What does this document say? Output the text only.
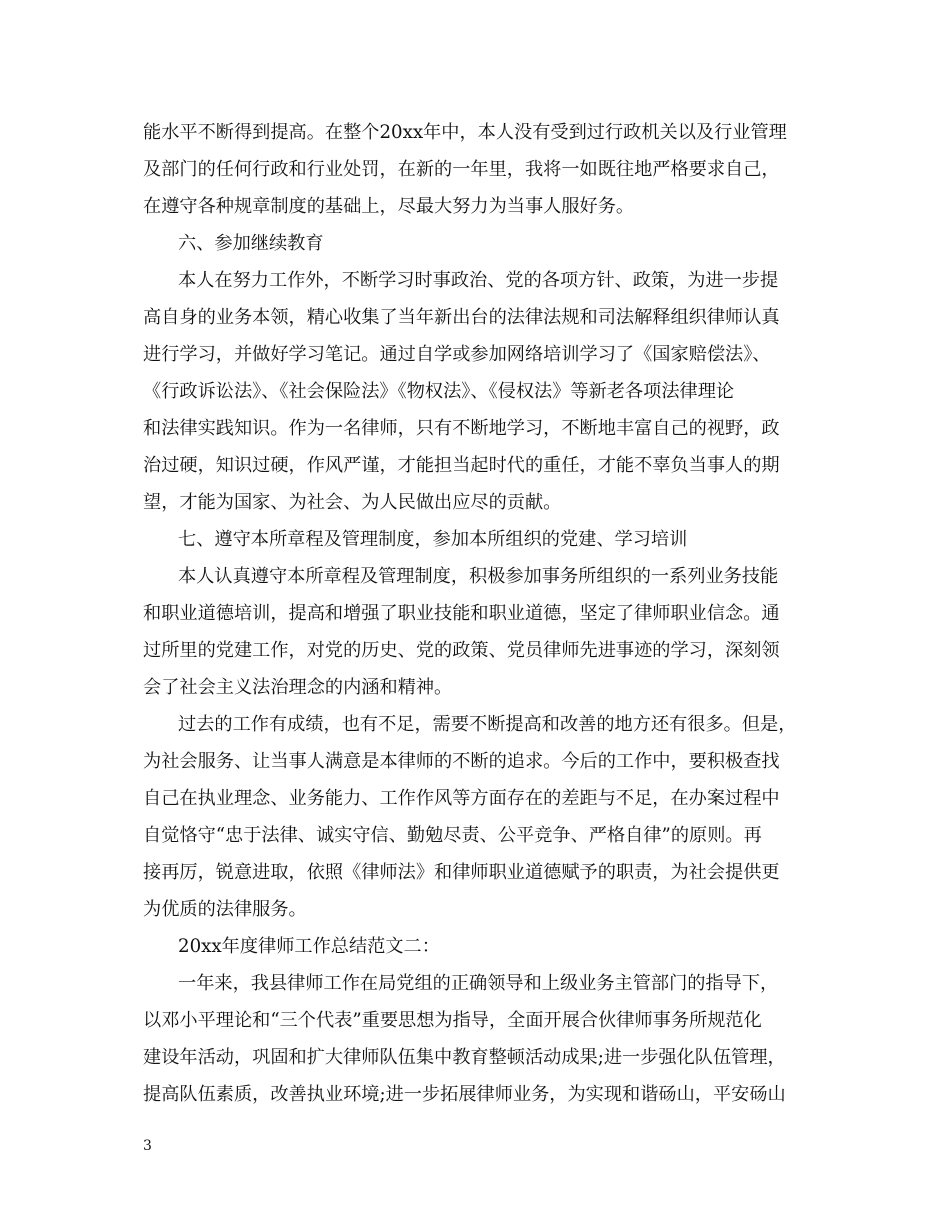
能水平不断得到提高。在整个20xx年中，本人没有受到过行政机关以及行业管理
及部门的任何行政和行业处罚，在新的一年里，我将一如既往地严格要求自己，
在遵守各种规章制度的基础上，尽最大努力为当事人服好务。
六、参加继续教育
本人在努力工作外，不断学习时事政治、党的各项方针、政策，为进一步提
高自身的业务本领，精心收集了当年新出台的法律法规和司法解释组织律师认真
进行学习，并做好学习笔记。通过自学或参加网络培训学习了《国家赔偿法》、
《行政诉讼法》、《社会保险法》《物权法》、《侵权法》等新老各项法律理论
和法律实践知识。作为一名律师，只有不断地学习，不断地丰富自己的视野，政
治过硬，知识过硬，作风严谨，才能担当起时代的重任，才能不辜负当事人的期
望，才能为国家、为社会、为人民做出应尽的贡献。
七、遵守本所章程及管理制度，参加本所组织的党建、学习培训
本人认真遵守本所章程及管理制度，积极参加事务所组织的一系列业务技能
和职业道德培训，提高和增强了职业技能和职业道德，坚定了律师职业信念。通
过所里的党建工作，对党的历史、党的政策、党员律师先进事迹的学习，深刻领
会了社会主义法治理念的内涵和精神。
过去的工作有成绩，也有不足，需要不断提高和改善的地方还有很多。但是，
为社会服务、让当事人满意是本律师的不断的追求。今后的工作中，要积极查找
自己在执业理念、业务能力、工作作风等方面存在的差距与不足，在办案过程中
自觉恪守“忠于法律、诚实守信、勤勉尽责、公平竞争、严格自律”的原则。再
接再厉，锐意进取，依照《律师法》和律师职业道德赋予的职责，为社会提供更
为优质的法律服务。
20xx年度律师工作总结范文二：
一年来，我县律师工作在局党组的正确领导和上级业务主管部门的指导下，
以邓小平理论和“三个代表”重要思想为指导，全面开展合伙律师事务所规范化
建设年活动，巩固和扩大律师队伍集中教育整顿活动成果;进一步强化队伍管理，
提高队伍素质，改善执业环境;进一步拓展律师业务，为实现和谐砀山，平安砀山
3
